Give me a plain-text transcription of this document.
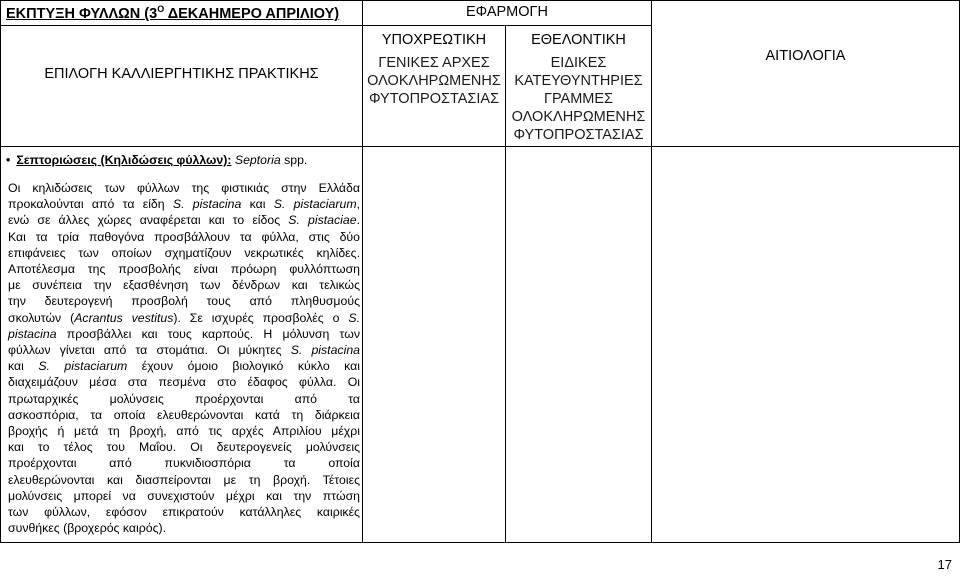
ΕΚΠΤΥΞΗ ΦΥΛΛΩΝ ($3^O$ ΔΕΚΑΗΜΕΡΟ ΑΠΡΙΛΙΟΥ)
ΕΠΙΛΟΓΗ ΚΑΛΛΙΕΡΓΗΤΙΚΗΣ ΠΡΑΚΤΙΚΗΣ
ΕΦΑΡΜΟΓΗ
ΥΠΟΧΡΕΩΤΙΚΗ
ΓΕΝΙΚΕΣ ΑΡΧΕΣ
ΟΛΟΚΛΗΡΩΜΕΝΗΣ
ΦΥΤΟΠΡΟΣΤΑΣΙΑΣ
ΕΘΕΛΟΝΤΙΚΗ
ΕΙΔΙΚΕΣ
ΚΑΤΕΥΘΥΝΤΗΡΙΕΣ
ΓΡΑΜΜΕΣ
ΟΛΟΚΛΗΡΩΜΕΝΗΣ
ΦΥΤΟΠΡΟΣΤΑΣΙΑΣ
ΑΙΤΙΟΛΟΓΙΑ
• Σεπτοριώσεις (Κηλιδώσεις φύλλων): Septoria spp.
Οι κηλιδώσεις των φύλλων της φιστικιάς στην Ελλάδα
προκαλούνται από τα είδη S. pistacina και S. pistaciarum,
ενώ σε άλλες χώρες αναφέρεται και το είδος S. pistaciae.
Και τα τρία παθογόνα προσβάλλουν τα φύλλα, στις δύο
επιφάνειες των οποίων σχηματίζουν νεκρωτικές κηλίδες.
Αποτέλεσμα της προσβολής είναι πρόωρη φυλλόπτωση
με συνέπεια την εξασθένηση των δένδρων και τελικώς
την δευτερογενή προσβολή τους από πληθυσμούς
σκολυτών (Acrantus vestitus). Σε ισχυρές προσβολές ο S.
pistacina προσβάλλει και τους καρπούς. Η μόλυνση των
φύλλων γίνεται από τα στομάτια. Οι μύκητες S. pistacina
και S. pistaciarum έχουν όμοιο βιολογικό κύκλο και
διαχειμάζουν μέσα στα πεσμένα στο έδαφος φύλλα. Οι
πρωταρχικές μολύνσεις προέρχονται από τα
ασκοσπόρια, τα οποία ελευθερώνονται κατά τη διάρκεια
βροχής ή μετά τη βροχή, από τις αρχές Απριλίου μέχρι
και το τέλος του Μαΐου. Οι δευτερογενείς μολύνσεις
προέρχονται από πυκνιδιοσπόρια τα οποία
ελευθερώνονται και διασπείρονται με τη βροχή. Τέτοιες
μολύνσεις μπορεί να συνεχιστούν μέχρι και την πτώση
των φύλλων, εφόσον επικρατούν κατάλληλες καιρικές
συνθήκες (βροχερός καιρός).
17
